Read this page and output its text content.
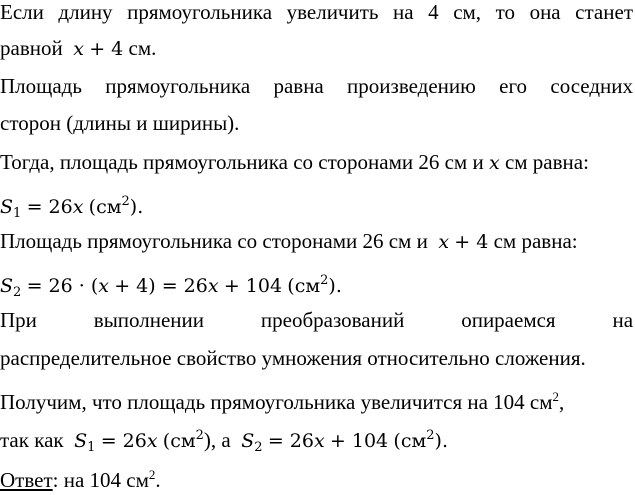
Если длину прямоугольника увеличить на 4 см, то она станет
равной x + 4 см.
Площадь прямоугольника равна произведению его соседних
сторон (длины и ширины).
Тогда, площадь прямоугольника со сторонами 26 см и x см равна:
$S_1 = 26x$ $(см^2)$.
Площадь прямоугольника со сторонами 26 см и x + 4 см равна:
$S_2 = 26 \cdot (x + 4) = 26x + 104$ $(см^2)$.
При	выполнении	преобразований	опираемся	на
распределительное свойство умножения относительно сложения.
Получим, что площадь прямоугольника увеличится на 104 $см^2$,
так как $S_1 = 26x$ $(см^2)$, а $S_2 = 26x + 104$ $(см^2)$.
Ответ: на 104 $см^2$.
